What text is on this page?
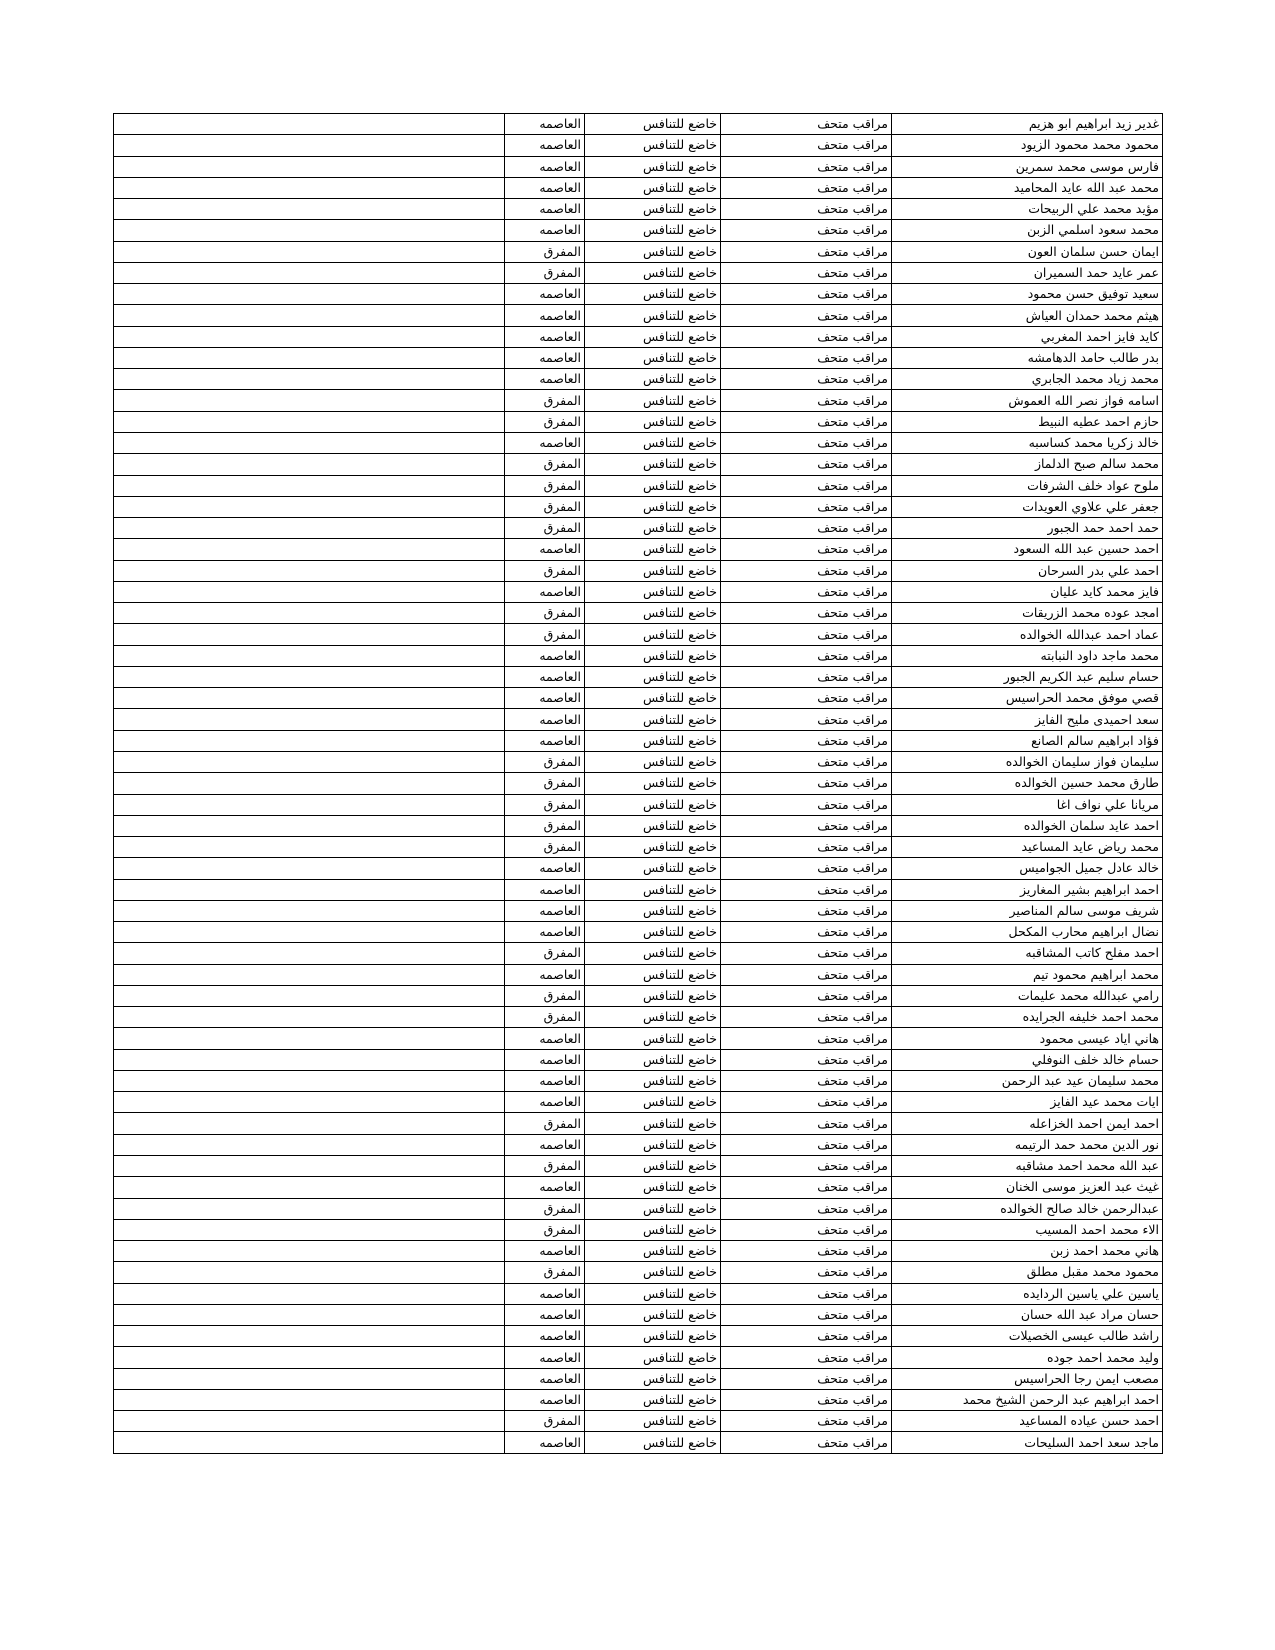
غدير زيد ابراهيم ابو هزيم	مراقب متحف	خاضع للتنافس	العاصمه	
محمود محمد محمود الزيود	مراقب متحف	خاضع للتنافس	العاصمه	
فارس موسى محمد سمرين	مراقب متحف	خاضع للتنافس	العاصمه	
محمد عبد الله عايد المحاميد	مراقب متحف	خاضع للتنافس	العاصمه	
مؤيد محمد علي الربيحات	مراقب متحف	خاضع للتنافس	العاصمه	
محمد سعود اسلمي الزبن	مراقب متحف	خاضع للتنافس	العاصمه	
ايمان حسن سلمان العون	مراقب متحف	خاضع للتنافس	المفرق	
عمر عايد حمد السميران	مراقب متحف	خاضع للتنافس	المفرق	
سعيد توفيق حسن محمود	مراقب متحف	خاضع للتنافس	العاصمه	
هيثم محمد حمدان العياش	مراقب متحف	خاضع للتنافس	العاصمه	
كايد فايز احمد المغربي	مراقب متحف	خاضع للتنافس	العاصمه	
بدر طالب حامد الدهامشه	مراقب متحف	خاضع للتنافس	العاصمه	
محمد زياد محمد الجابري	مراقب متحف	خاضع للتنافس	العاصمه	
اسامه فواز نصر الله العموش	مراقب متحف	خاضع للتنافس	المفرق	
حازم احمد عطيه النبيط	مراقب متحف	خاضع للتنافس	المفرق	
خالد زكريا محمد كساسبه	مراقب متحف	خاضع للتنافس	العاصمه	
محمد سالم صبح الدلماز	مراقب متحف	خاضع للتنافس	المفرق	
ملوح عواد خلف الشرفات	مراقب متحف	خاضع للتنافس	المفرق	
جعفر علي علاوي العويدات	مراقب متحف	خاضع للتنافس	المفرق	
حمد احمد حمد الجبور	مراقب متحف	خاضع للتنافس	المفرق	
احمد حسين عبد الله السعود	مراقب متحف	خاضع للتنافس	العاصمه	
احمد علي بدر السرحان	مراقب متحف	خاضع للتنافس	المفرق	
فايز محمد كايد عليان	مراقب متحف	خاضع للتنافس	العاصمه	
امجد عوده محمد الزريقات	مراقب متحف	خاضع للتنافس	المفرق	
عماد احمد عبدالله الخوالده	مراقب متحف	خاضع للتنافس	المفرق	
محمد ماجد داود النبابته	مراقب متحف	خاضع للتنافس	العاصمه	
حسام سليم عبد الكريم الجبور	مراقب متحف	خاضع للتنافس	العاصمه	
قصي موفق محمد الحراسيس	مراقب متحف	خاضع للتنافس	العاصمه	
سعد احميدى مليح الفايز	مراقب متحف	خاضع للتنافس	العاصمه	
فؤاد ابراهيم سالم الصانع	مراقب متحف	خاضع للتنافس	العاصمه	
سليمان فواز سليمان الخوالده	مراقب متحف	خاضع للتنافس	المفرق	
طارق محمد حسين الخوالده	مراقب متحف	خاضع للتنافس	المفرق	
مريانا علي نواف اغا	مراقب متحف	خاضع للتنافس	المفرق	
احمد عايد سلمان الخوالده	مراقب متحف	خاضع للتنافس	المفرق	
محمد رياض عايد المساعيد	مراقب متحف	خاضع للتنافس	المفرق	
خالد عادل جميل الجواميس	مراقب متحف	خاضع للتنافس	العاصمه	
احمد ابراهيم بشير المغاريز	مراقب متحف	خاضع للتنافس	العاصمه	
شريف موسى سالم المناصير	مراقب متحف	خاضع للتنافس	العاصمه	
نضال ابراهيم محارب المكحل	مراقب متحف	خاضع للتنافس	العاصمه	
احمد مفلح كاتب المشاقبه	مراقب متحف	خاضع للتنافس	المفرق	
محمد ابراهيم محمود تيم	مراقب متحف	خاضع للتنافس	العاصمه	
رامي عبدالله محمد عليمات	مراقب متحف	خاضع للتنافس	المفرق	
محمد احمد خليفه الجرايده	مراقب متحف	خاضع للتنافس	المفرق	
هاني اياد عيسى محمود	مراقب متحف	خاضع للتنافس	العاصمه	
حسام خالد خلف النوفلي	مراقب متحف	خاضع للتنافس	العاصمه	
محمد سليمان عيد عبد الرحمن	مراقب متحف	خاضع للتنافس	العاصمه	
ايات محمد عيد الفايز	مراقب متحف	خاضع للتنافس	العاصمه	
احمد ايمن احمد الخزاعله	مراقب متحف	خاضع للتنافس	المفرق	
نور الدين محمد حمد الرتيمه	مراقب متحف	خاضع للتنافس	العاصمه	
عبد الله محمد احمد مشاقبه	مراقب متحف	خاضع للتنافس	المفرق	
غيث عبد العزيز موسى الخنان	مراقب متحف	خاضع للتنافس	العاصمه	
عبدالرحمن خالد صالح الخوالده	مراقب متحف	خاضع للتنافس	المفرق	
الاء محمد احمد المسيب	مراقب متحف	خاضع للتنافس	المفرق	
هاني محمد احمد زبن	مراقب متحف	خاضع للتنافس	العاصمه	
محمود محمد مقبل مطلق	مراقب متحف	خاضع للتنافس	المفرق	
ياسين علي ياسين الردايده	مراقب متحف	خاضع للتنافس	العاصمه	
حسان مراد عبد الله حسان	مراقب متحف	خاضع للتنافس	العاصمه	
راشد طالب عيسى الخصيلات	مراقب متحف	خاضع للتنافس	العاصمه	
وليد محمد احمد جوده	مراقب متحف	خاضع للتنافس	العاصمه	
مصعب ايمن رجا الحراسيس	مراقب متحف	خاضع للتنافس	العاصمه	
احمد ابراهيم عبد الرحمن الشيخ محمد	مراقب متحف	خاضع للتنافس	العاصمه	
احمد حسن عياده المساعيد	مراقب متحف	خاضع للتنافس	المفرق	
ماجد سعد احمد السليحات	مراقب متحف	خاضع للتنافس	العاصمه	
